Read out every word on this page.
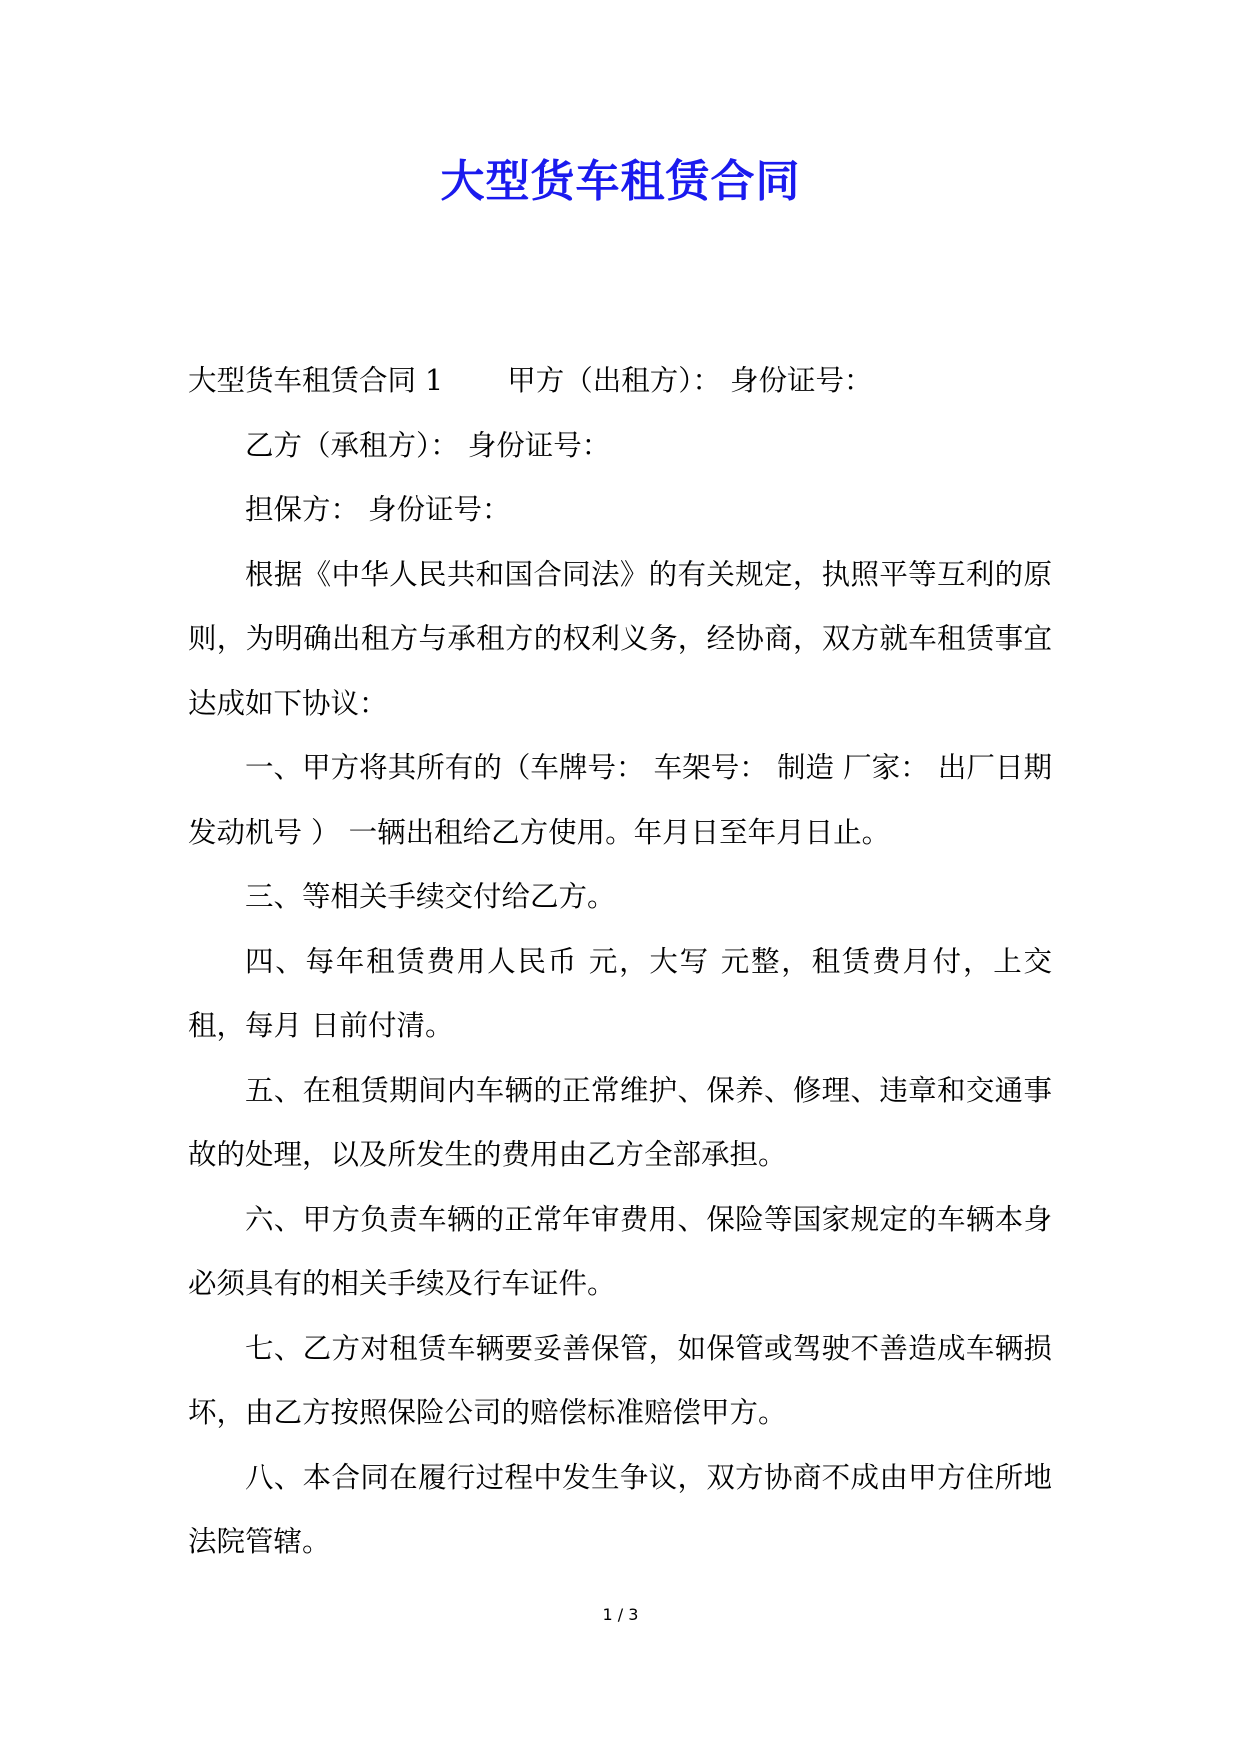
大型货车租赁合同

大型货车租赁合同 1 甲方（出租方）： 身份证号：

乙方（承租方）： 身份证号：

担保方： 身份证号：

根据《中华人民共和国合同法》的有关规定，执照平等互利的原则，为明确出租方与承租方的权利义务，经协商，双方就车租赁事宜达成如下协议：

一、甲方将其所有的（车牌号： 车架号： 制造 厂家： 出厂日期 发动机号 ） 一辆出租给乙方使用。年月日至年月日止。

三、等相关手续交付给乙方。

四、每年租赁费用人民币 元，大写 元整，租赁费月付，上交租，每月 日前付清。

五、在租赁期间内车辆的正常维护、保养、修理、违章和交通事故的处理，以及所发生的费用由乙方全部承担。

六、甲方负责车辆的正常年审费用、保险等国家规定的车辆本身必须具有的相关手续及行车证件。

七、乙方对租赁车辆要妥善保管，如保管或驾驶不善造成车辆损坏，由乙方按照保险公司的赔偿标准赔偿甲方。

八、本合同在履行过程中发生争议，双方协商不成由甲方住所地法院管辖。

1 / 3
